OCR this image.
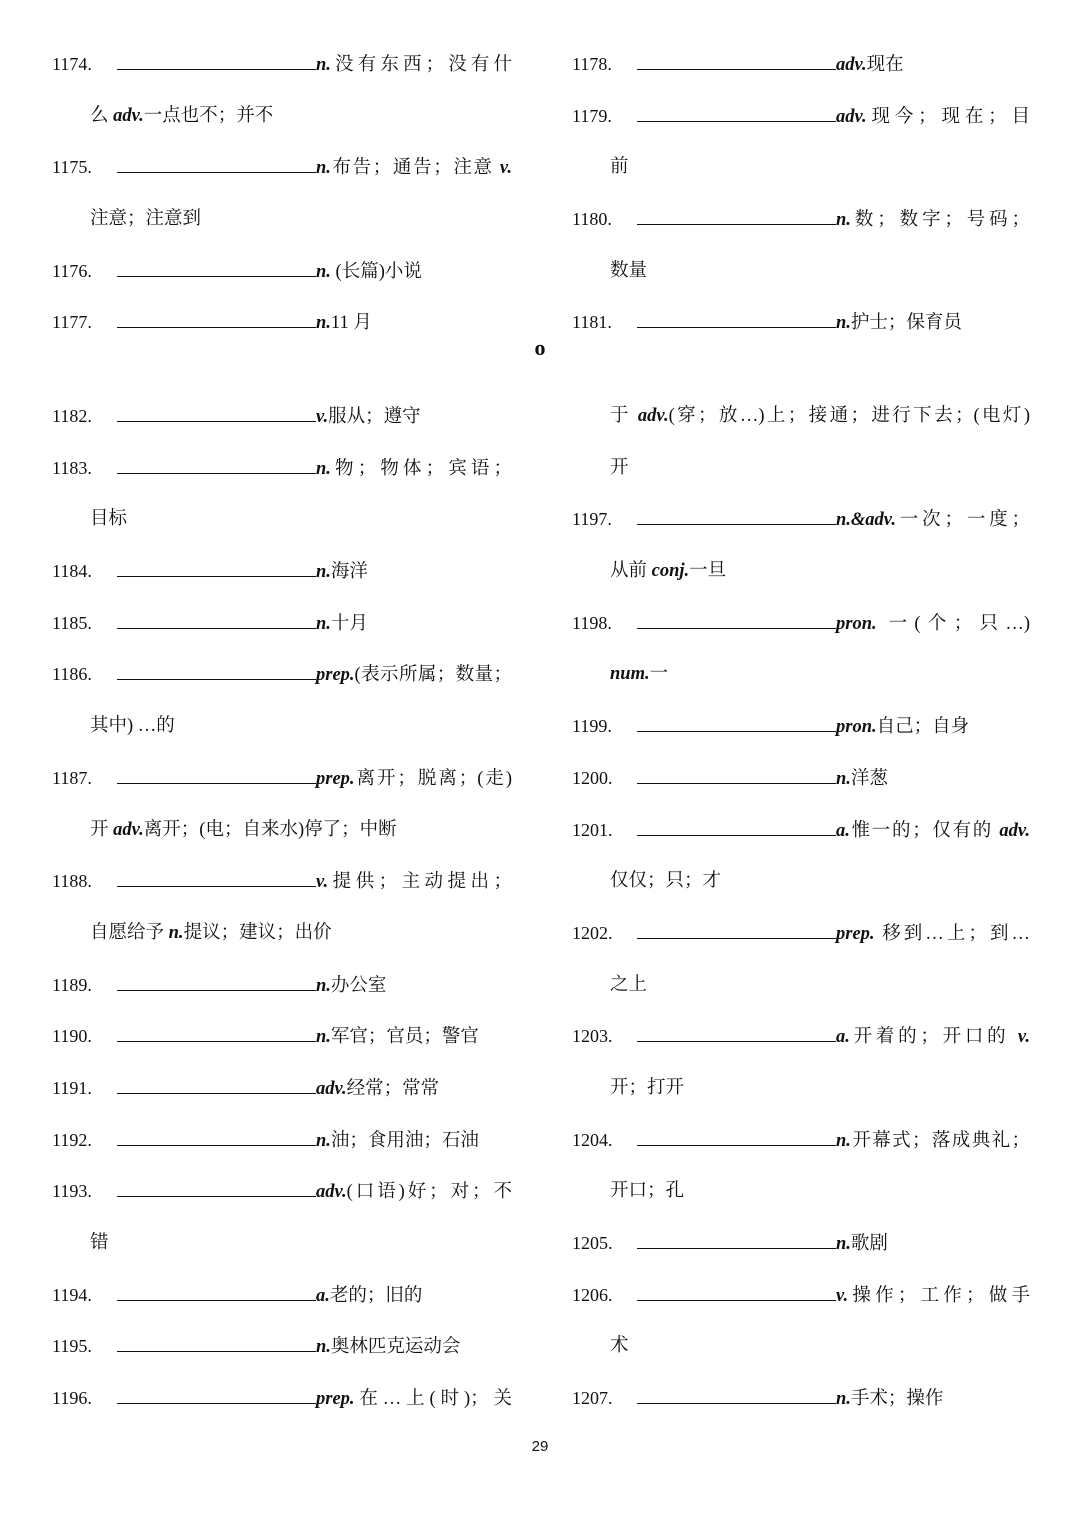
1174.	n.没有东西；没有什
么 adv.一点也不；并不
1175.	n.布告；通告；注意 v.
注意；注意到
1176.	n. (长篇)小说
1177.	n.11 月
1178.	adv.现在
1179.	adv.现今；现在；目
前
1180.	n.数；数字；号码；
数量
1181.	n.护士；保育员
o
1182.	v.服从；遵守
1183.	n.物；物体；宾语；
目标
1184.	n.海洋
1185.	n.十月
1186.	prep.(表示所属；数量；
其中) …的
1187.	prep.离开；脱离；(走)
开 adv.离开；(电；自来水)停了；中断
1188.	v.提供；主动提出；
自愿给予 n.提议；建议；出价
1189.	n.办公室
1190.	n.军官；官员；警官
1191.	adv.经常；常常
1192.	n.油；食用油；石油
1193.	adv.(口语)好；对；不
错
1194.	a.老的；旧的
1195.	n.奥林匹克运动会
1196.	prep.在…上(时)；关
于 adv.(穿；放…)上；接通；进行下去；(电灯)
开
1197.	n.&adv.一次；一度；
从前 conj.一旦
1198.	pron. 一(个；只…)
num.一
1199.	pron.自己；自身
1200.	n.洋葱
1201.	a.惟一的；仅有的 adv.
仅仅；只；才
1202.	prep. 移到…上；到…
之上
1203.	a.开着的；开口的 v.
开；打开
1204.	n.开幕式；落成典礼；
开口；孔
1205.	n.歌剧
1206.	v.操作；工作；做手
术
1207.	n.手术；操作
29
